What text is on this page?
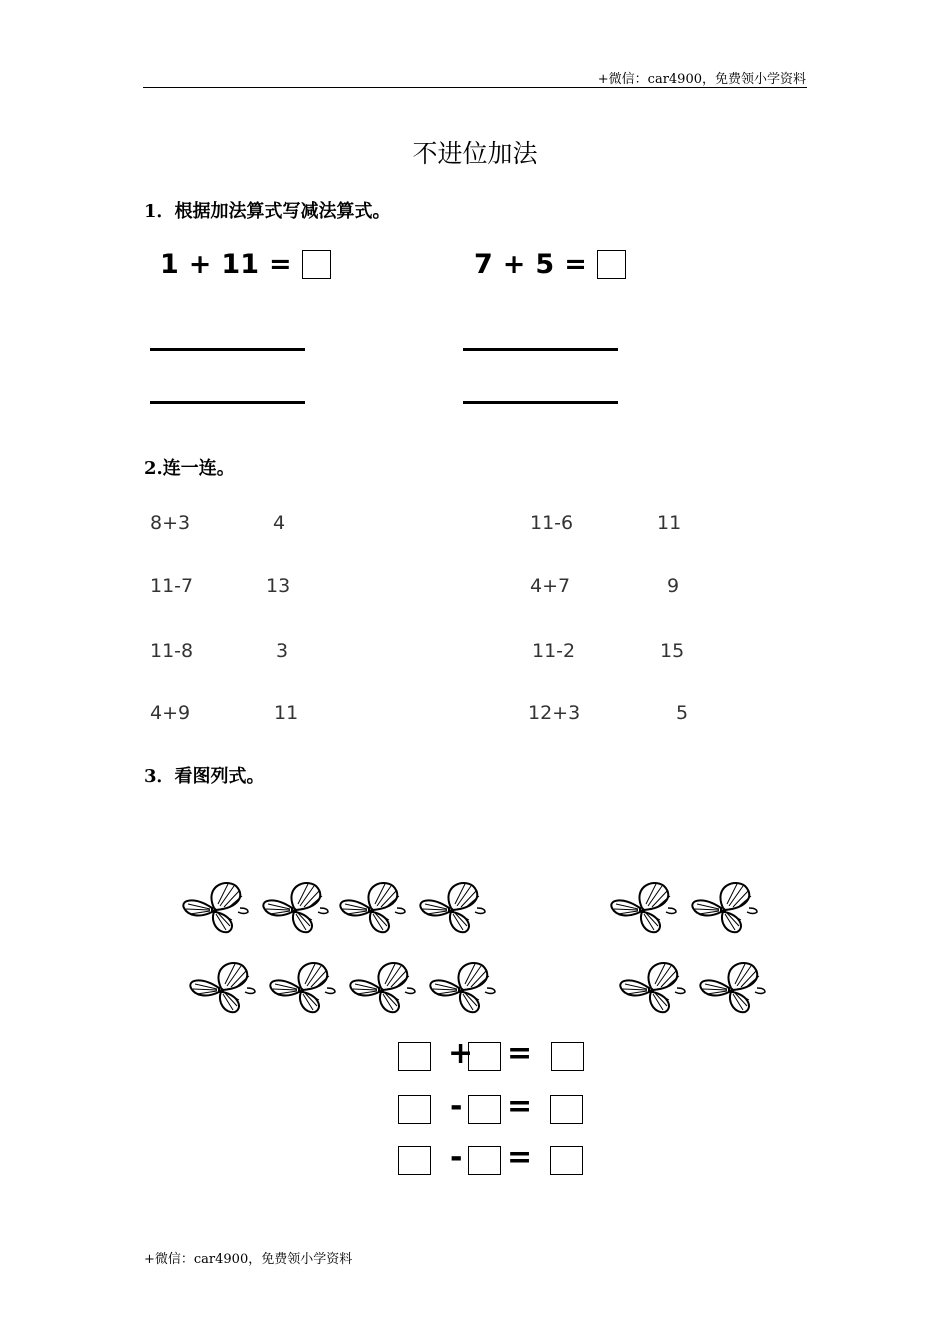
+微信：car4900，免费领小学资料
不进位加法
1．根据加法算式写减法算式。
1 + 11 =	7 + 5 =
2.连一连。
8+3	4
11-7	13
11-8	3
4+9	11
11-6	11
4+7	9
11-2	15
12+3	5
3．看图列式。
+ =
- =
- =
+微信：car4900，免费领小学资料
